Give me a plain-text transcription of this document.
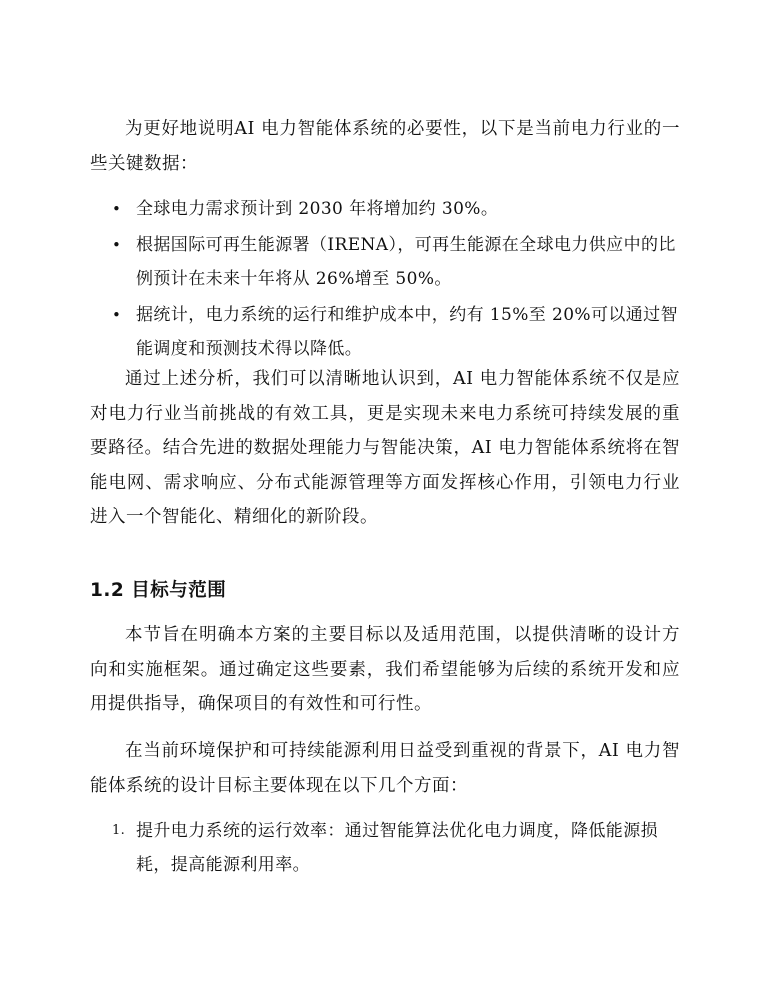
为更好地说明AI 电力智能体系统的必要性，以下是当前电力行业的一些关键数据：

• 全球电力需求预计到 2030 年将增加约 30%。
• 根据国际可再生能源署（IRENA），可再生能源在全球电力供应中的比例预计在未来十年将从 26%增至 50%。
• 据统计，电力系统的运行和维护成本中，约有 15%至 20%可以通过智能调度和预测技术得以降低。

通过上述分析，我们可以清晰地认识到，AI 电力智能体系统不仅是应对电力行业当前挑战的有效工具，更是实现未来电力系统可持续发展的重要路径。结合先进的数据处理能力与智能决策，AI 电力智能体系统将在智能电网、需求响应、分布式能源管理等方面发挥核心作用，引领电力行业进入一个智能化、精细化的新阶段。

1.2 目标与范围

本节旨在明确本方案的主要目标以及适用范围，以提供清晰的设计方向和实施框架。通过确定这些要素，我们希望能够为后续的系统开发和应用提供指导，确保项目的有效性和可行性。

在当前环境保护和可持续能源利用日益受到重视的背景下，AI 电力智能体系统的设计目标主要体现在以下几个方面：

1. 提升电力系统的运行效率：通过智能算法优化电力调度，降低能源损耗，提高能源利用率。
